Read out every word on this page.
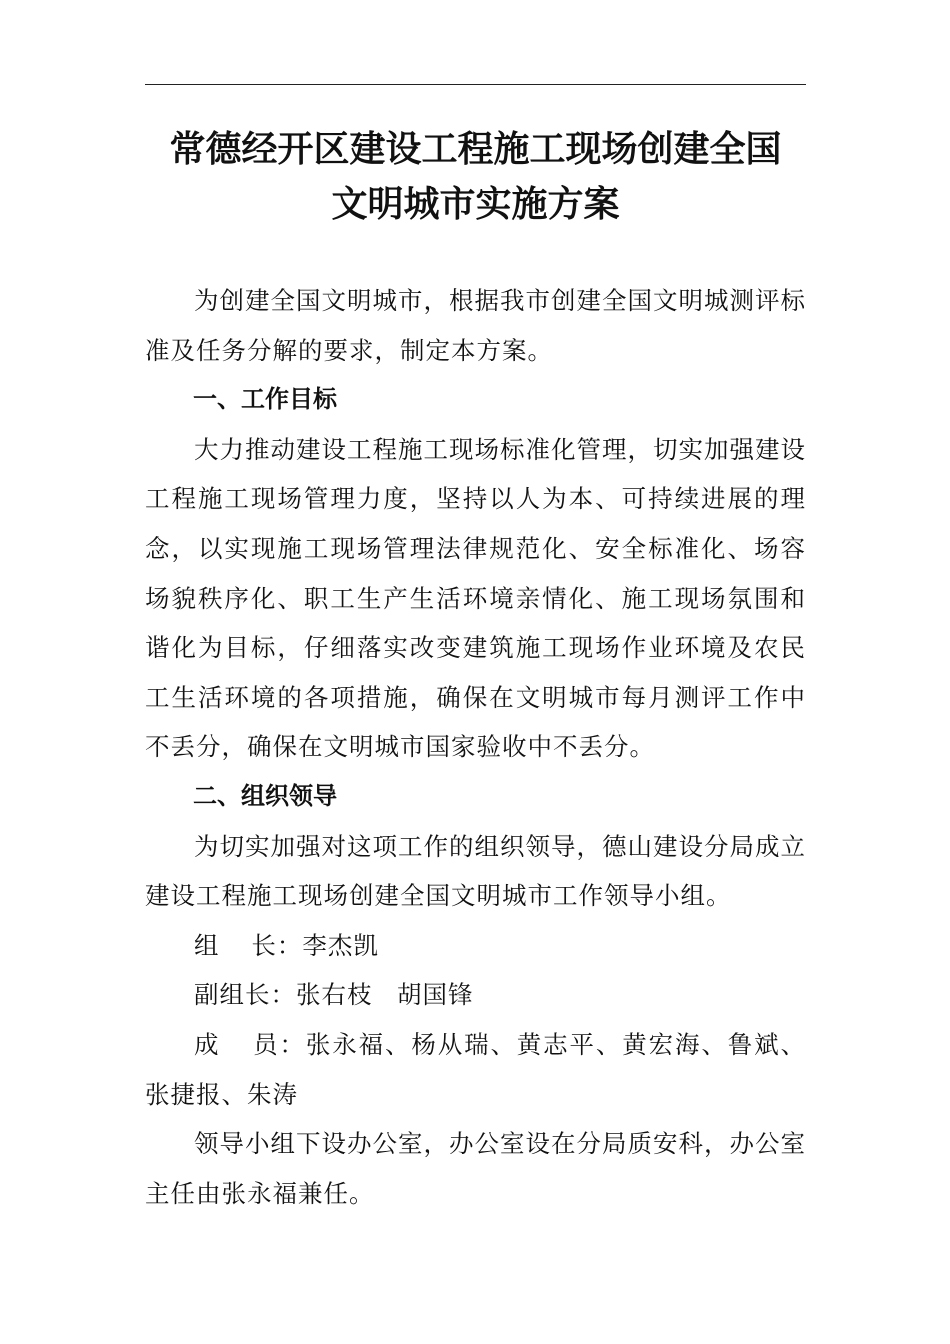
常德经开区建设工程施工现场创建全国
文明城市实施方案

为创建全国文明城市，根据我市创建全国文明城测评标准及任务分解的要求，制定本方案。

一、工作目标

大力推动建设工程施工现场标准化管理，切实加强建设工程施工现场管理力度，坚持以人为本、可持续进展的理念，以实现施工现场管理法律规范化、安全标准化、场容场貌秩序化、职工生产生活环境亲情化、施工现场氛围和谐化为目标，仔细落实改变建筑施工现场作业环境及农民工生活环境的各项措施，确保在文明城市每月测评工作中不丢分，确保在文明城市国家验收中不丢分。

二、组织领导

为切实加强对这项工作的组织领导，德山建设分局成立建设工程施工现场创建全国文明城市工作领导小组。

组 长：李杰凯

副组长：张右枝 胡国锋

成 员：张永福、杨从瑞、黄志平、黄宏海、鲁斌、张捷报、朱涛

领导小组下设办公室，办公室设在分局质安科，办公室主任由张永福兼任。
